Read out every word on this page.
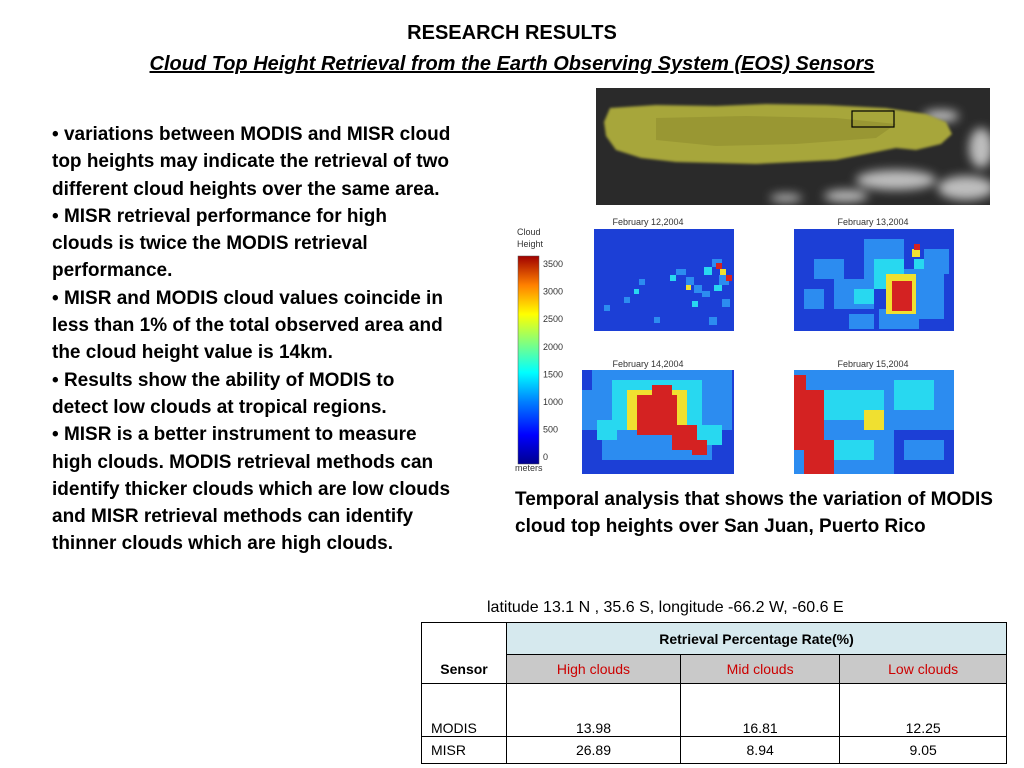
RESEARCH RESULTS
Cloud Top Height Retrieval from the Earth Observing System (EOS) Sensors

• variations between MODIS and MISR cloud top heights may indicate the retrieval of two different cloud heights over the same area.

• MISR retrieval performance for high clouds is twice the MODIS retrieval performance.

• MISR and MODIS cloud values coincide in less than 1% of the total observed area and the cloud height value is 14km.

• Results show the ability of MODIS to detect low clouds at tropical regions.

• MISR is a better instrument to measure high clouds. MODIS retrieval methods can identify thicker clouds which are low clouds and MISR retrieval methods can identify thinner clouds which are high clouds.

Cloud
Height
3500
3000
2500
2000
1500
1000
500
0
meters
February 12,2004	February 13,2004
February 14,2004	February 15,2004
Temporal analysis that shows the variation of MODIS cloud top heights over San Juan, Puerto Rico
latitude 13.1 N , 35.6 S, longitude -66.2 W, -60.6 E
Sensor	Retrieval Percentage Rate(%)		
	High clouds	Mid clouds	Low clouds
MODIS	13.98	16.81	12.25
MISR	26.89	8.94	9.05
